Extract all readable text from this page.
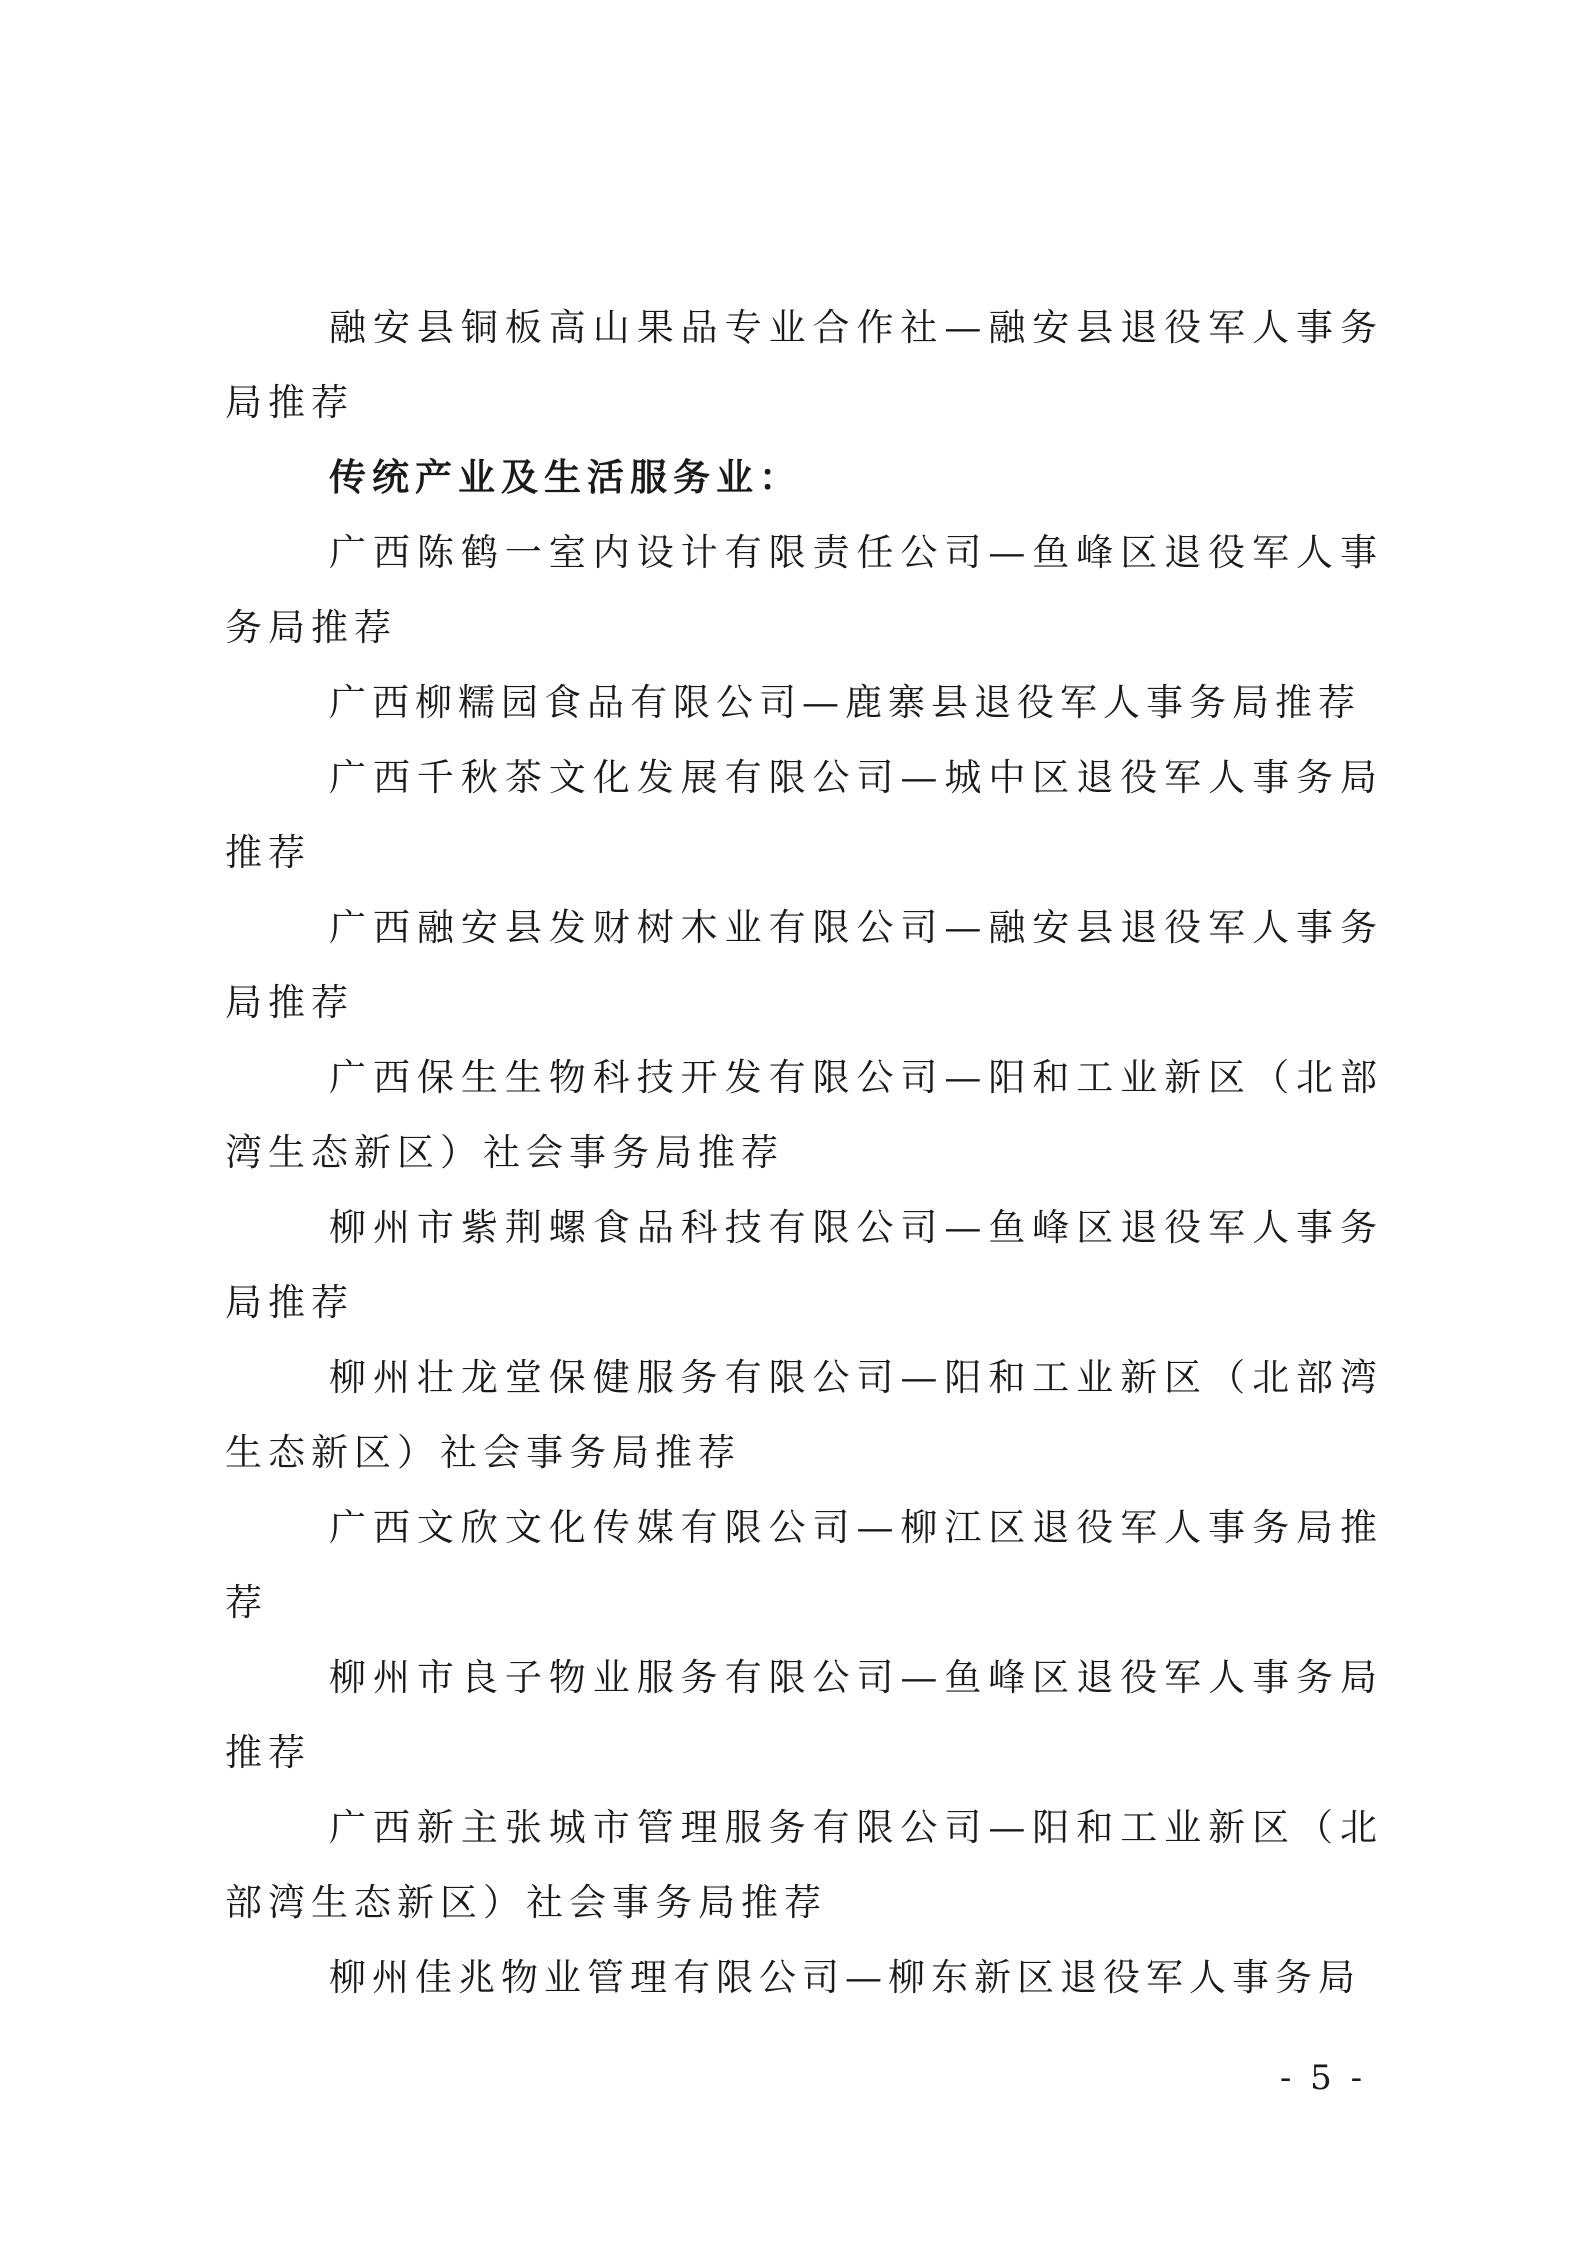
融安县铜板高山果品专业合作社—融安县退役军人事务局推荐

传统产业及生活服务业：

广西陈鹤一室内设计有限责任公司—鱼峰区退役军人事务局推荐

广西柳糯园食品有限公司—鹿寨县退役军人事务局推荐

广西千秋茶文化发展有限公司—城中区退役军人事务局推荐

广西融安县发财树木业有限公司—融安县退役军人事务局推荐

广西保生生物科技开发有限公司—阳和工业新区（北部湾生态新区）社会事务局推荐

柳州市紫荆螺食品科技有限公司—鱼峰区退役军人事务局推荐

柳州壮龙堂保健服务有限公司—阳和工业新区（北部湾生态新区）社会事务局推荐

广西文欣文化传媒有限公司—柳江区退役军人事务局推荐

柳州市良子物业服务有限公司—鱼峰区退役军人事务局推荐

广西新主张城市管理服务有限公司—阳和工业新区（北部湾生态新区）社会事务局推荐

柳州佳兆物业管理有限公司—柳东新区退役军人事务局

- 5 -
